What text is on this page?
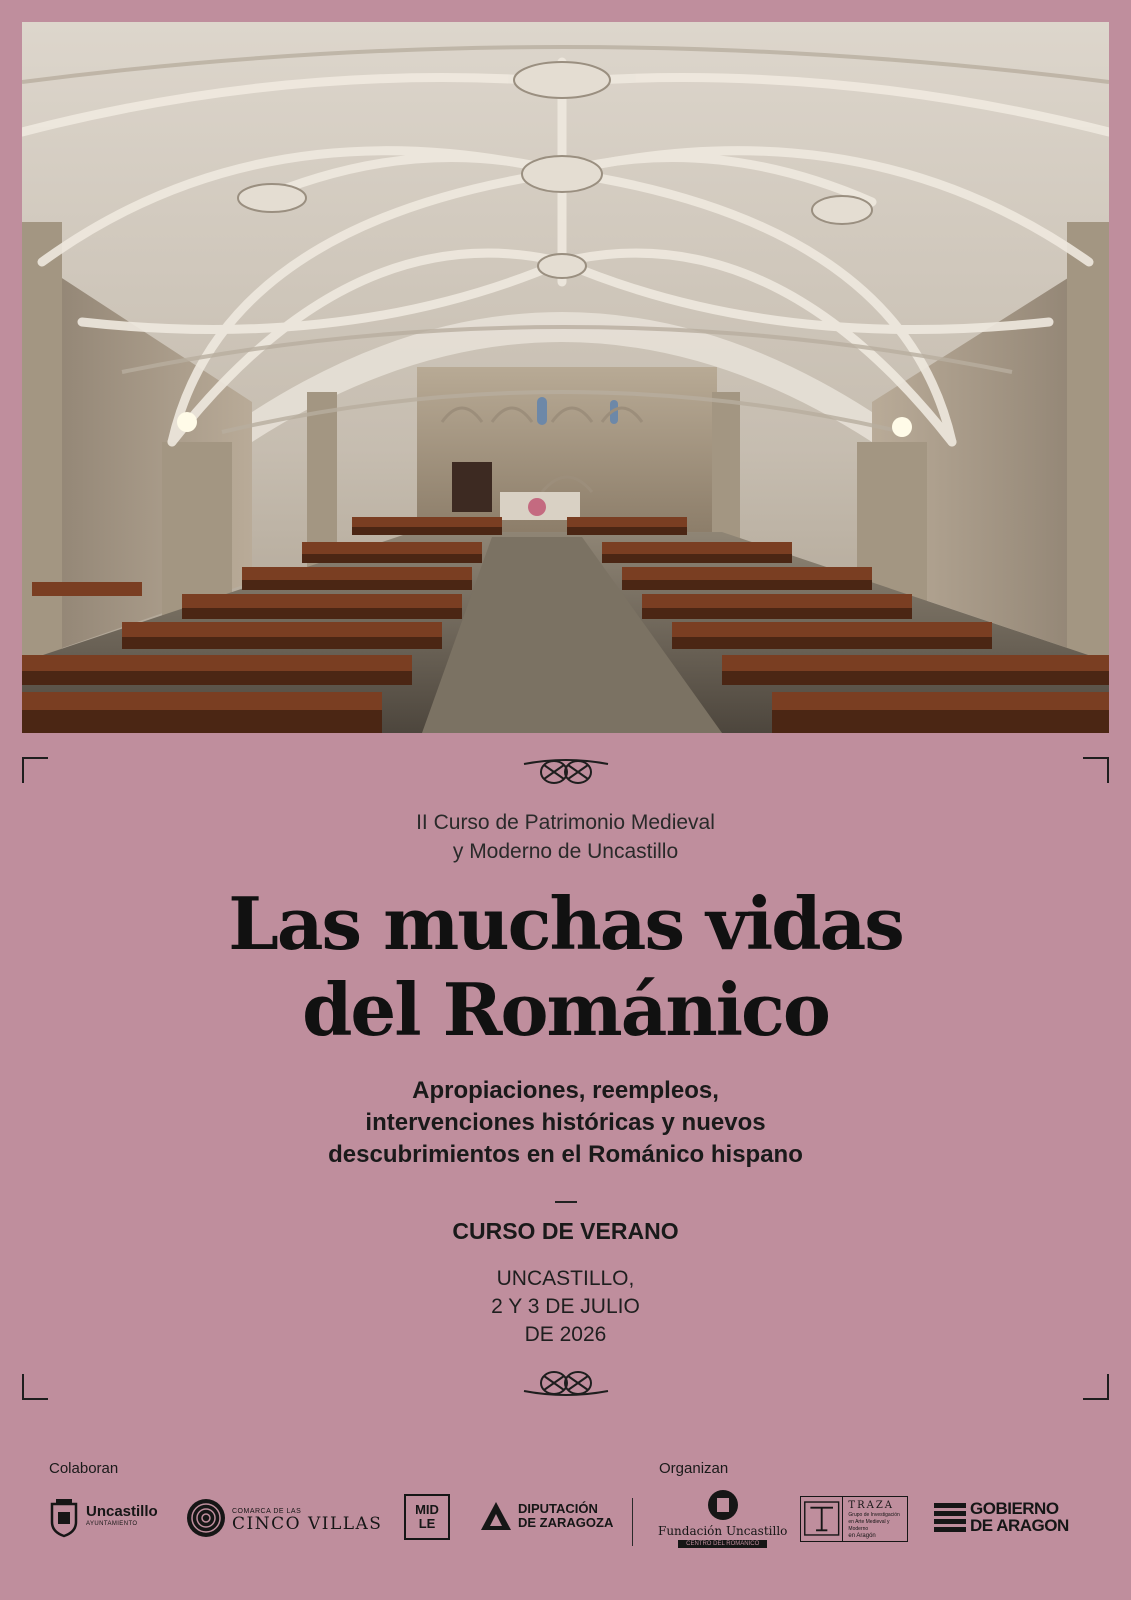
II Curso de Patrimonio Medieval
y Moderno de Uncastillo

Las muchas vidas
del Románico

Apropiaciones, reempleos,
intervenciones históricas y nuevos
descubrimientos en el Románico hispano

CURSO DE VERANO

UNCASTILLO,
2 Y 3 DE JULIO
DE 2026

Colaboran	Organizan
Uncastillo
AYUNTAMIENTO
COMARCA DE LAS
CINCO VILLAS
MID LE
DIPUTACIÓN
DE ZARAGOZA
Fundación Uncastillo
CENTRO DEL ROMÁNICO
TRAZA
Grupo de Investigación
en Arte Medieval y Moderno
en Aragón
GOBIERNO
DE ARAGON
